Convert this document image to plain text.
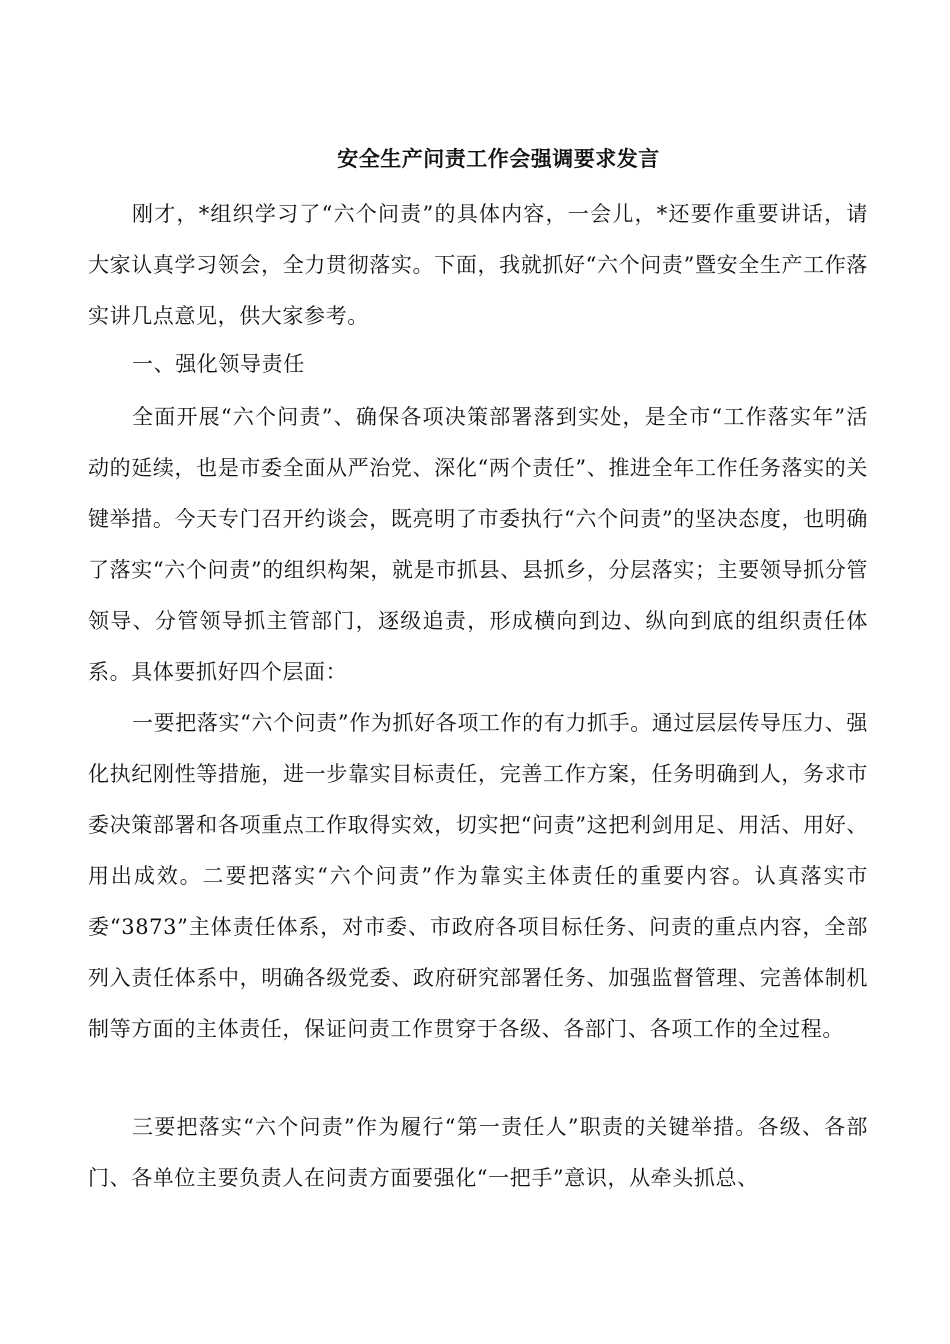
安全生产问责工作会强调要求发言

刚才，*组织学习了“六个问责”的具体内容，一会儿，*还要作重要讲话，请大家认真学习领会，全力贯彻落实。下面，我就抓好“六个问责”暨安全生产工作落实讲几点意见，供大家参考。

一、强化领导责任

全面开展“六个问责”、确保各项决策部署落到实处，是全市“工作落实年”活动的延续，也是市委全面从严治党、深化“两个责任”、推进全年工作任务落实的关键举措。今天专门召开约谈会，既亮明了市委执行“六个问责”的坚决态度，也明确了落实“六个问责”的组织构架，就是市抓县、县抓乡，分层落实；主要领导抓分管领导、分管领导抓主管部门，逐级追责，形成横向到边、纵向到底的组织责任体系。具体要抓好四个层面：

一要把落实“六个问责”作为抓好各项工作的有力抓手。通过层层传导压力、强化执纪刚性等措施，进一步靠实目标责任，完善工作方案，任务明确到人，务求市委决策部署和各项重点工作取得实效，切实把“问责”这把利剑用足、用活、用好、用出成效。二要把落实“六个问责”作为靠实主体责任的重要内容。认真落实市委“3873”主体责任体系，对市委、市政府各项目标任务、问责的重点内容，全部列入责任体系中，明确各级党委、政府研究部署任务、加强监督管理、完善体制机制等方面的主体责任，保证问责工作贯穿于各级、各部门、各项工作的全过程。

三要把落实“六个问责”作为履行“第一责任人”职责的关键举措。各级、各部门、各单位主要负责人在问责方面要强化“一把手”意识，从牵头抓总、
